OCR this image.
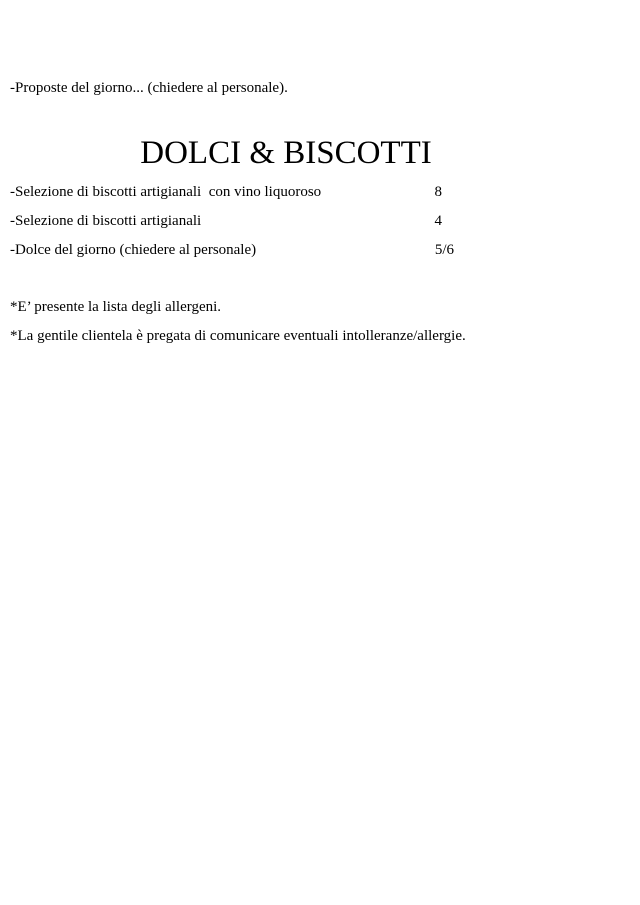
-Proposte del giorno... (chiedere al personale).
DOLCI & BISCOTTI
-Selezione di biscotti artigianali  con vino liquoroso	8
-Selezione di biscotti artigianali	4
-Dolce del giorno (chiedere al personale)	5/6
*E’ presente la lista degli allergeni.
*La gentile clientela è pregata di comunicare eventuali intolleranze/allergie.
